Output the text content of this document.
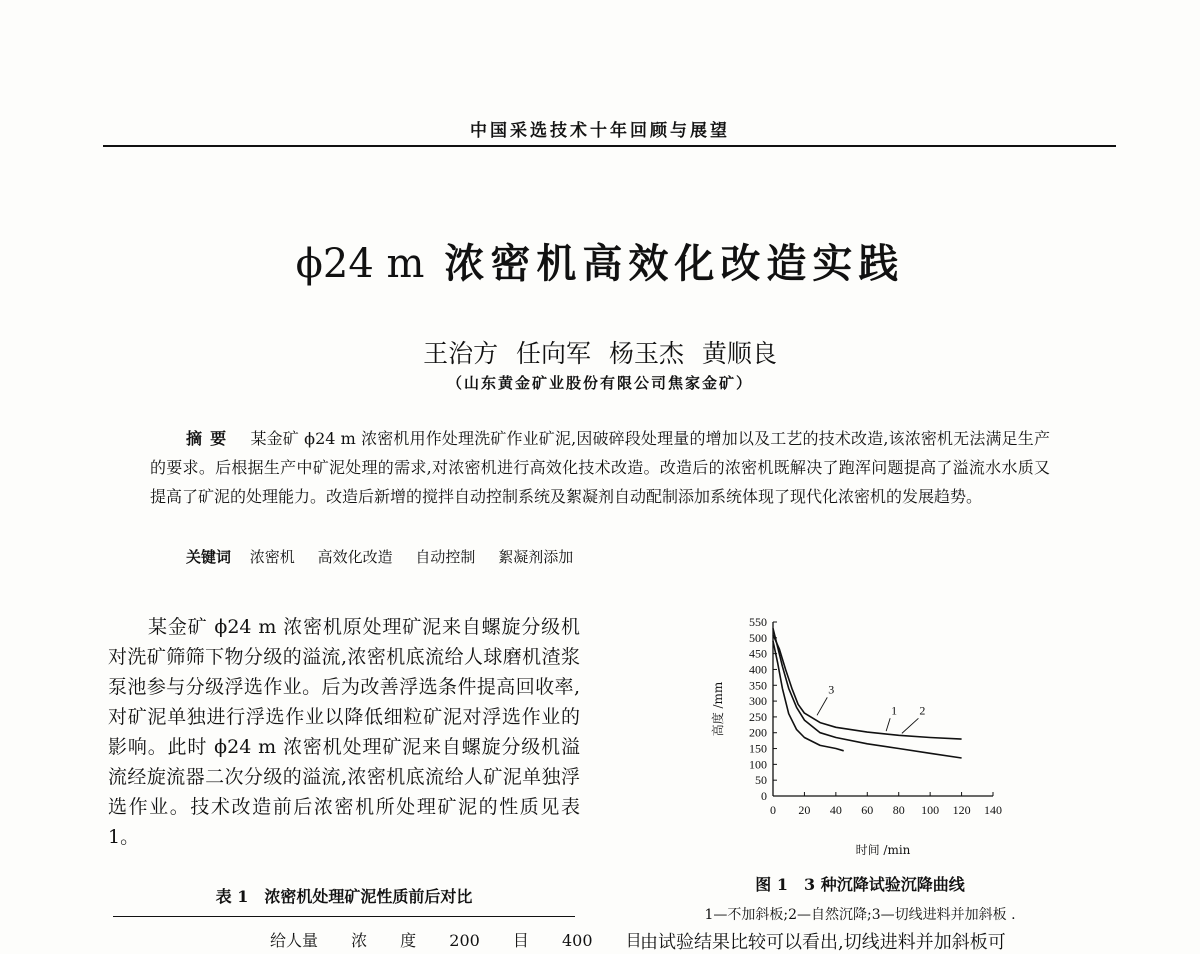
中国采选技术十年回顾与展望
ϕ24 m 浓密机高效化改造实践
王治方 任向军 杨玉杰 黄顺良
（山东黄金矿业股份有限公司焦家金矿）
摘要　 某金矿 ϕ24 m 浓密机用作处理洗矿作业矿泥,因破碎段处理量的增加以及工艺的技术改造,该浓密机无法满足生产的要求。后根据生产中矿泥处理的需求,对浓密机进行高效化技术改造。改造后的浓密机既解决了跑浑问题提高了溢流水水质又提高了矿泥的处理能力。改造后新增的搅拌自动控制系统及絮凝剂自动配制添加系统体现了现代化浓密机的发展趋势。
关键词 浓密机 高效化改造 自动控制 絮凝剂添加
某金矿 ϕ24 m 浓密机原处理矿泥来自螺旋分级机对洗矿筛筛下物分级的溢流,浓密机底流给人球磨机渣浆泵池参与分级浮选作业。后为改善浮选条件提高回收率,对矿泥单独进行浮选作业以降低细粒矿泥对浮选作业的影响。此时 ϕ24 m 浓密机处理矿泥来自螺旋分级机溢流经旋流器二次分级的溢流,浓密机底流给人矿泥单独浮选作业。技术改造前后浓密机所处理矿泥的性质见表 1。
表 1　浓密机处理矿泥性质前后对比
给人量 浓 度 200 目 400 目
0 20 40 60 80 100 120 140
0
50
100
150
200
250
300
350
400
450
500
550
1 2
3
时间 /min
高度 /mm
图 1　3 种沉降试验沉降曲线
1—不加斜板;2—自然沉降;3—切线进料并加斜板 .
由试验结果比较可以看出,切线进料并加斜板可
